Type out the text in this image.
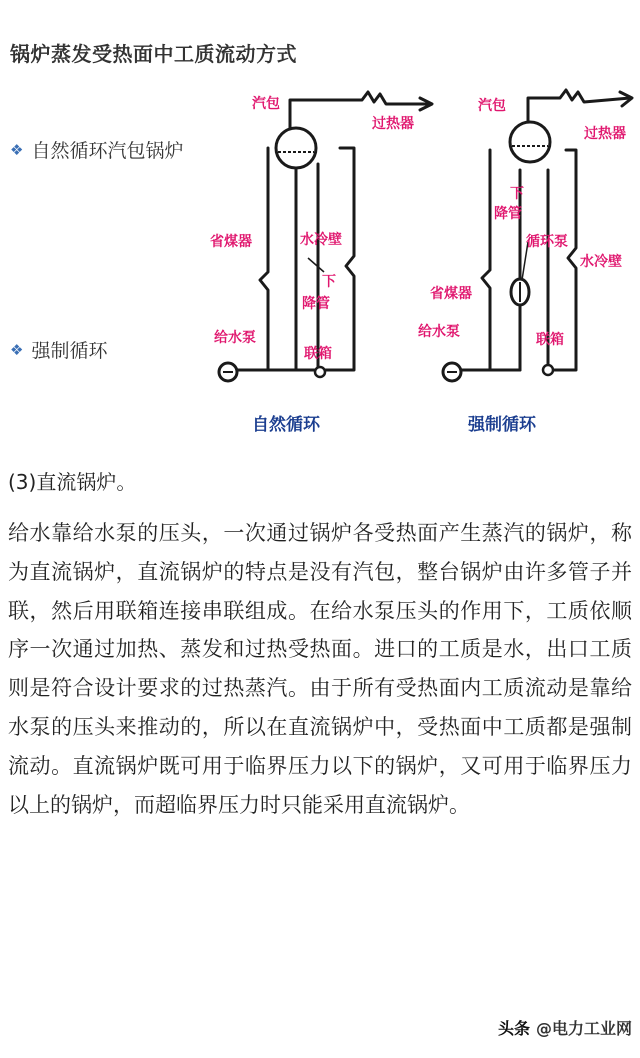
锅炉蒸发受热面中工质流动方式
❖ 自然循环汽包锅炉
❖ 强制循环
汽包
过热器
省煤器	水冷壁
下
降管
给水泵
联箱
汽包
过热器
下
降管
循环泵
水冷壁
省煤器
给水泵	联箱
自然循环	强制循环
(3)直流锅炉。

给水靠给水泵的压头，一次通过锅炉各受热面产生蒸汽的锅炉，称为直流锅炉，直流锅炉的特点是没有汽包，整台锅炉由许多管子并联，然后用联箱连接串联组成。在给水泵压头的作用下，工质依顺序一次通过加热、蒸发和过热受热面。进口的工质是水，出口工质则是符合设计要求的过热蒸汽。由于所有受热面内工质流动是靠给水泵的压头来推动的，所以在直流锅炉中，受热面中工质都是强制流动。直流锅炉既可用于临界压力以下的锅炉，又可用于临界压力以上的锅炉，而超临界压力时只能采用直流锅炉。

头条 @电力工业网
